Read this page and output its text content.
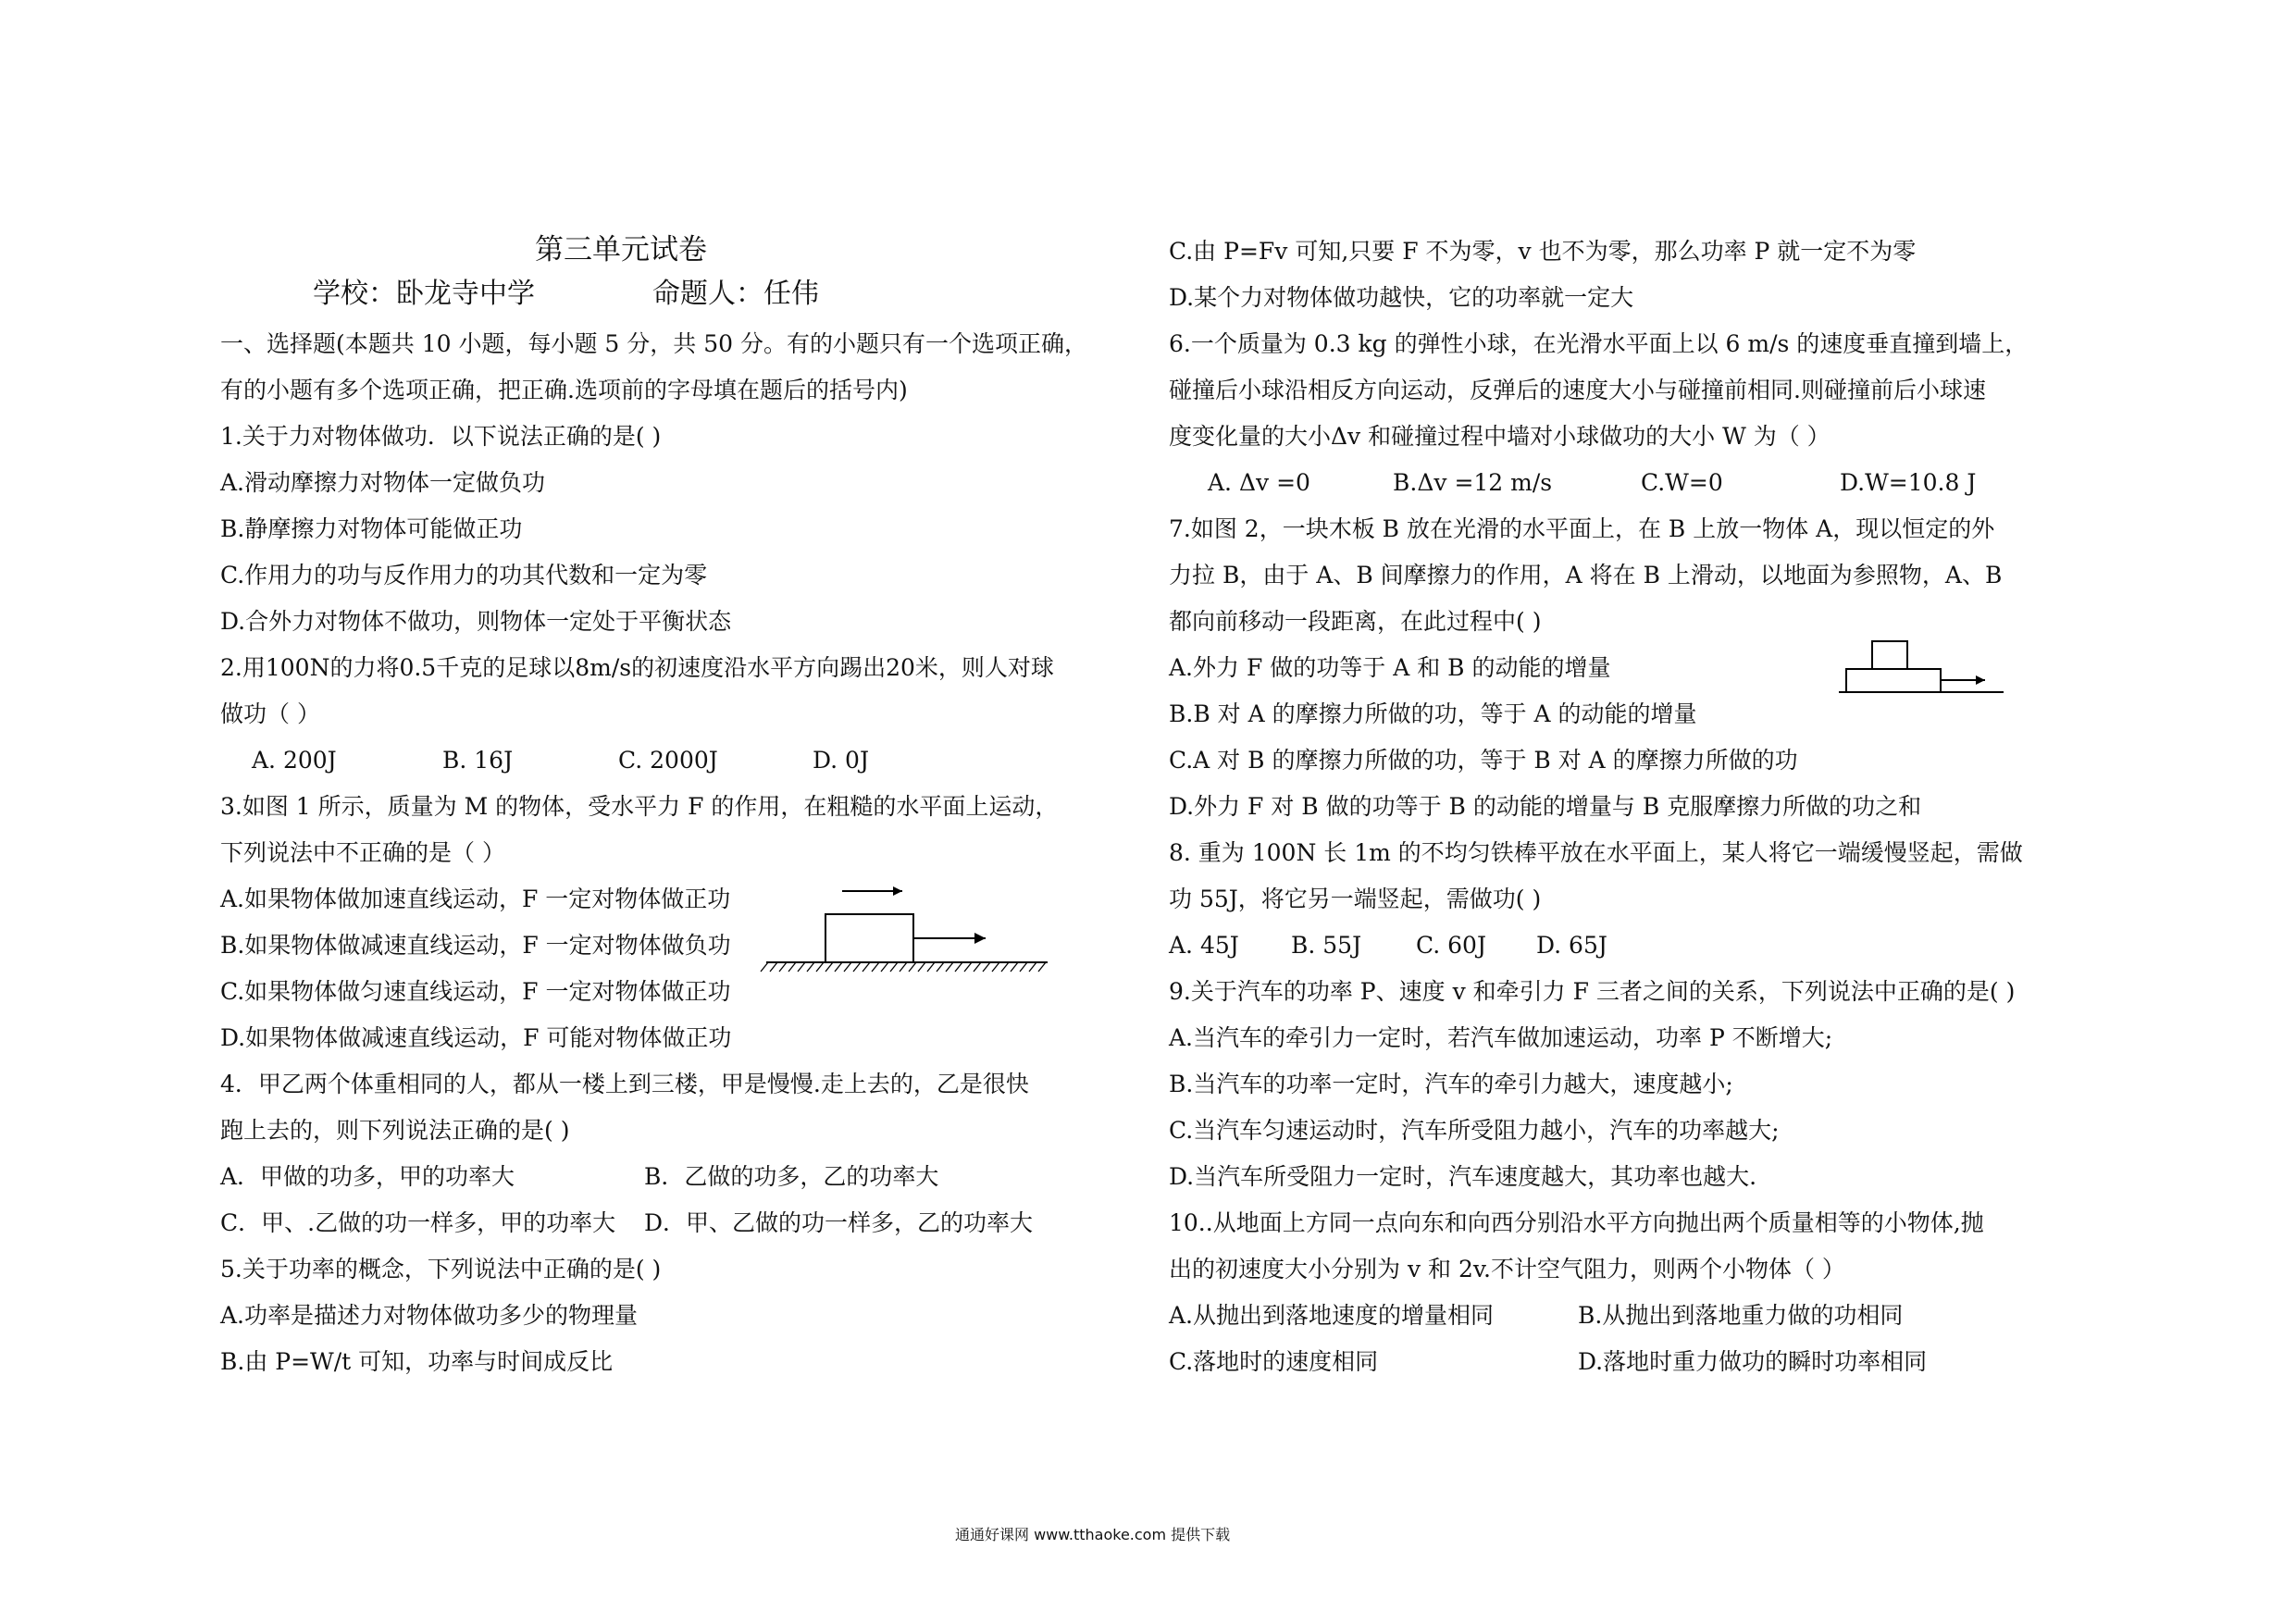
第三单元试卷
学校：卧龙寺中学	命题人：任伟
一、选择题(本题共 10 小题，每小题 5 分，共 50 分。有的小题只有一个选项正确，
有的小题有多个选项正确，把正确.选项前的字母填在题后的括号内)
1.关于力对物体做功．以下说法正确的是( )
A.滑动摩擦力对物体一定做负功
B.静摩擦力对物体可能做正功
C.作用力的功与反作用力的功其代数和一定为零
D.合外力对物体不做功，则物体一定处于平衡状态
2.用100N的力将0.5千克的足球以8m/s的初速度沿水平方向踢出20米，则人对球
做功（ ）
A. 200J	B. 16J	C. 2000J	D. 0J
3.如图 1 所示，质量为 M 的物体，受水平力 F 的作用，在粗糙的水平面上运动，
下列说法中不正确的是（ ）
A.如果物体做加速直线运动，F 一定对物体做正功
B.如果物体做减速直线运动，F 一定对物体做负功
C.如果物体做匀速直线运动，F 一定对物体做正功
D.如果物体做减速直线运动，F 可能对物体做正功
4．甲乙两个体重相同的人，都从一楼上到三楼，甲是慢慢.走上去的，乙是很快
跑上去的，则下列说法正确的是( )
A．甲做的功多，甲的功率大	B．乙做的功多，乙的功率大
C．甲、.乙做的功一样多，甲的功率大 D．甲、乙做的功一样多，乙的功率大
5.关于功率的概念，下列说法中正确的是( )
A.功率是描述力对物体做功多少的物理量
B.由 P=W/t 可知，功率与时间成反比
C.由 P=Fv 可知,只要 F 不为零，v 也不为零，那么功率 P 就一定不为零
D.某个力对物体做功越快，它的功率就一定大
6.一个质量为 0.3 kg 的弹性小球，在光滑水平面上以 6 m/s 的速度垂直撞到墙上，
碰撞后小球沿相反方向运动，反弹后的速度大小与碰撞前相同.则碰撞前后小球速
度变化量的大小Δv 和碰撞过程中墙对小球做功的大小 W 为（ ）
A. Δv =0	B.Δv =12 m/s	C.W=0	D.W=10.8 J
7.如图 2，一块木板 B 放在光滑的水平面上，在 B 上放一物体 A，现以恒定的外
力拉 B，由于 A、B 间摩擦力的作用，A 将在 B 上滑动，以地面为参照物，A、B
都向前移动一段距离，在此过程中( )
A.外力 F 做的功等于 A 和 B 的动能的增量
B.B 对 A 的摩擦力所做的功，等于 A 的动能的增量
C.A 对 B 的摩擦力所做的功，等于 B 对 A 的摩擦力所做的功
D.外力 F 对 B 做的功等于 B 的动能的增量与 B 克服摩擦力所做的功之和
8. 重为 100N 长 1m 的不均匀铁棒平放在水平面上，某人将它一端缓慢竖起，需做
功 55J，将它另一端竖起，需做功( )
A. 45J B. 55J C. 60J D. 65J
9.关于汽车的功率 P、速度 v 和牵引力 F 三者之间的关系，下列说法中正确的是( )
A.当汽车的牵引力一定时，若汽车做加速运动，功率 P 不断增大;
B.当汽车的功率一定时，汽车的牵引力越大，速度越小;
C.当汽车匀速运动时，汽车所受阻力越小，汽车的功率越大;
D.当汽车所受阻力一定时，汽车速度越大，其功率也越大.
10..从地面上方同一点向东和向西分别沿水平方向抛出两个质量相等的小物体,抛
出的初速度大小分别为 v 和 2v.不计空气阻力，则两个小物体（ ）
A.从抛出到落地速度的增量相同	B.从抛出到落地重力做的功相同
C.落地时的速度相同	D.落地时重力做功的瞬时功率相同
通通好课网 www.tthaoke.com 提供下载
